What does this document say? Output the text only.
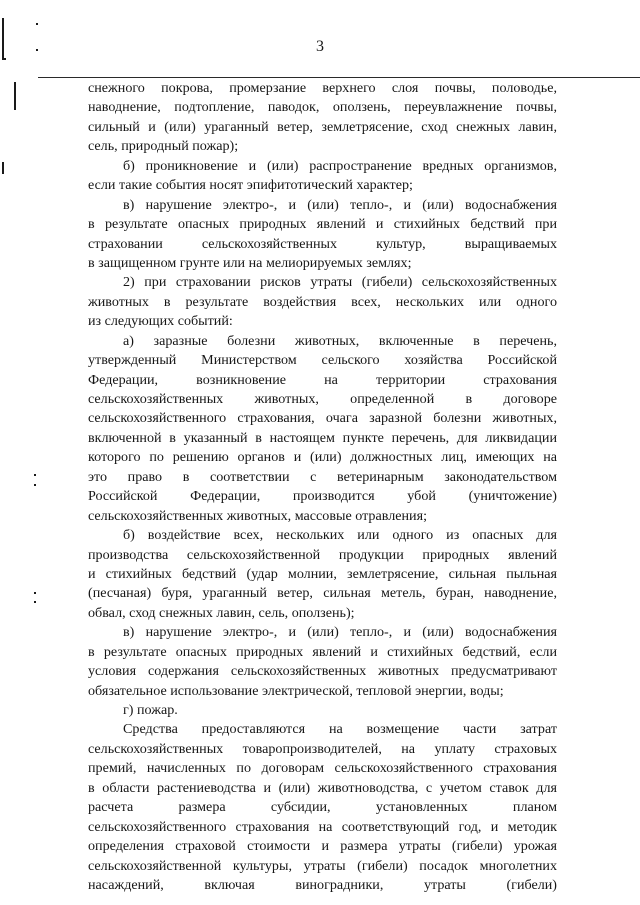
3
снежного покрова, промерзание верхнего слоя почвы, половодье,
наводнение, подтопление, паводок, оползень, переувлажнение почвы,
сильный и (или) ураганный ветер, землетрясение, сход снежных лавин,
сель, природный пожар);
б) проникновение и (или) распространение вредных организмов,
если такие события носят эпифитотический характер;
в) нарушение электро-, и (или) тепло-, и (или) водоснабжения
в результате опасных природных явлений и стихийных бедствий при
страховании сельскохозяйственных культур, выращиваемых
в защищенном грунте или на мелиорируемых землях;
2) при страховании рисков утраты (гибели) сельскохозяйственных
животных в результате воздействия всех, нескольких или одного
из следующих событий:
а) заразные болезни животных, включенные в перечень,
утвержденный Министерством сельского хозяйства Российской
Федерации, возникновение на территории страхования
сельскохозяйственных животных, определенной в договоре
сельскохозяйственного страхования, очага заразной болезни животных,
включенной в указанный в настоящем пункте перечень, для ликвидации
которого по решению органов и (или) должностных лиц, имеющих на
это право в соответствии с ветеринарным законодательством
Российской Федерации, производится убой (уничтожение)
сельскохозяйственных животных, массовые отравления;
б) воздействие всех, нескольких или одного из опасных для
производства сельскохозяйственной продукции природных явлений
и стихийных бедствий (удар молнии, землетрясение, сильная пыльная
(песчаная) буря, ураганный ветер, сильная метель, буран, наводнение,
обвал, сход снежных лавин, сель, оползень);
в) нарушение электро-, и (или) тепло-, и (или) водоснабжения
в результате опасных природных явлений и стихийных бедствий, если
условия содержания сельскохозяйственных животных предусматривают
обязательное использование электрической, тепловой энергии, воды;
г) пожар.
Средства предоставляются на возмещение части затрат
сельскохозяйственных товаропроизводителей, на уплату страховых
премий, начисленных по договорам сельскохозяйственного страхования
в области растениеводства и (или) животноводства, с учетом ставок для
расчета размера субсидии, установленных планом
сельскохозяйственного страхования на соответствующий год, и методик
определения страховой стоимости и размера утраты (гибели) урожая
сельскохозяйственной культуры, утраты (гибели) посадок многолетних
насаждений, включая виноградники, утраты (гибели)
